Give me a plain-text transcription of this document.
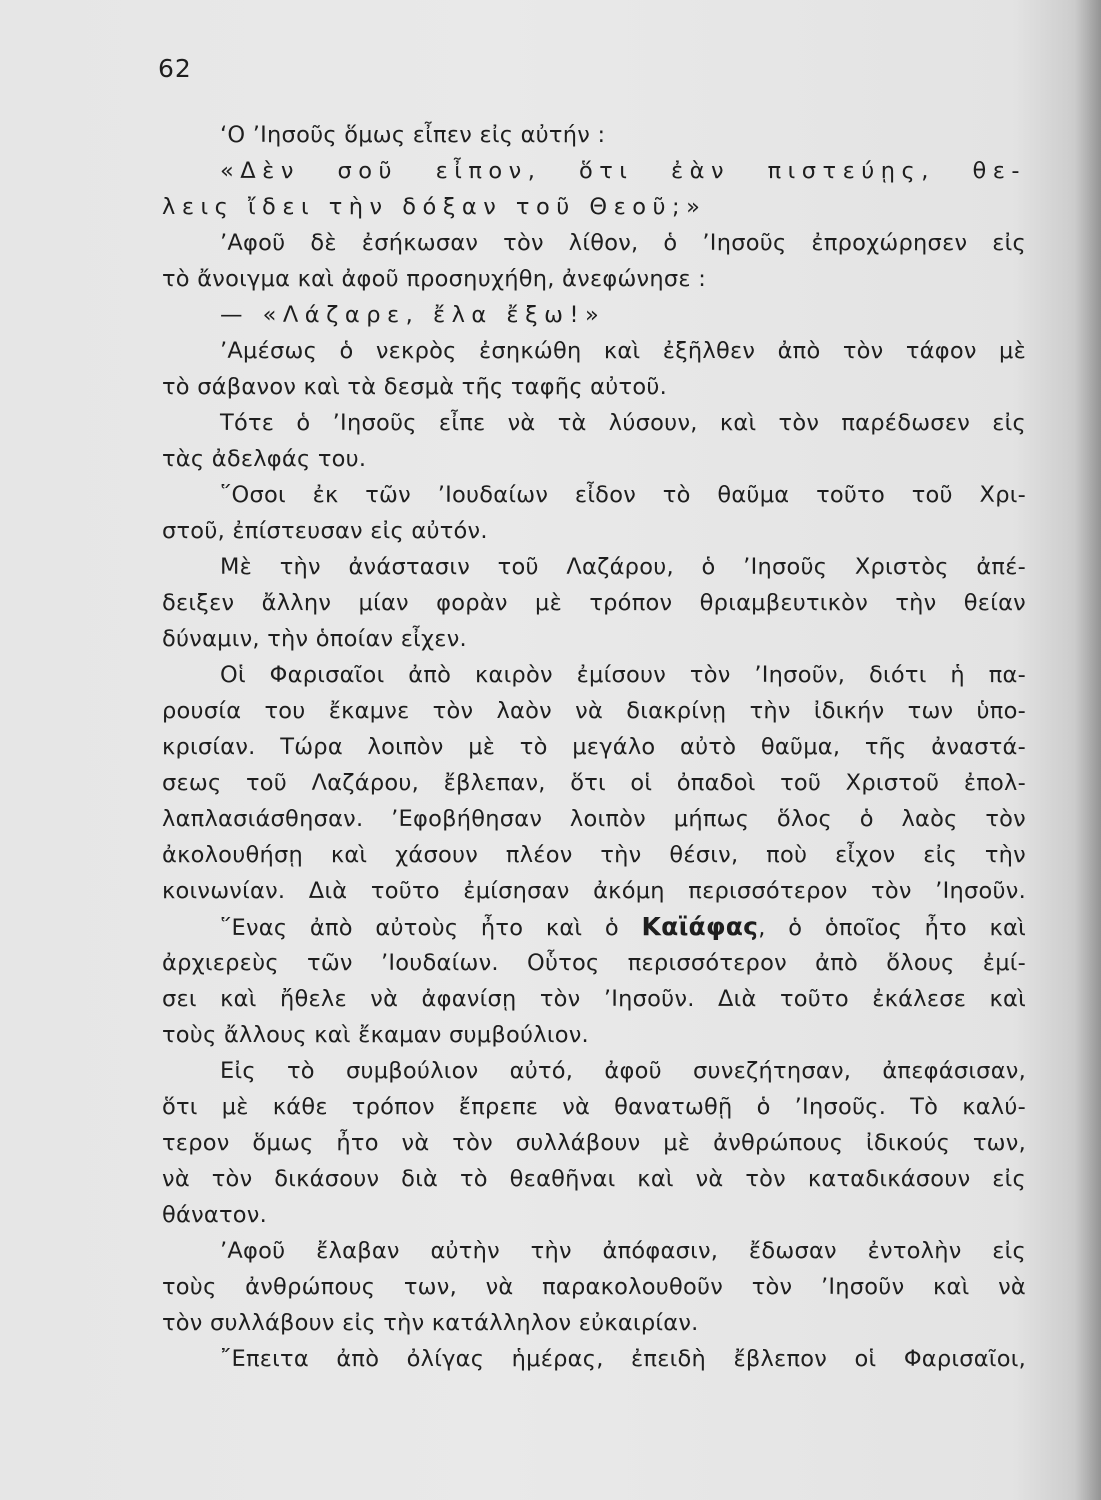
62
‘Ο ’Ιησοῦς ὅμως εἶπεν εἰς αὐτήν :
«Δὲν σοῦ εἶπον, ὅτι ἐὰν πιστεύῃς, θε-
λεις ἴδει τὴν δόξαν τοῦ Θεοῦ;»
’Αφοῦ δὲ ἐσήκωσαν τὸν λίθον, ὁ ’Ιησοῦς ἐπροχώρησεν εἰς
τὸ ἄνοιγμα καὶ ἀφοῦ προσηυχήθη, ἀνεφώνησε :
— «Λάζαρε, ἔλα ἔξω!»
’Αμέσως ὁ νεκρὸς ἐσηκώθη καὶ ἐξῆλθεν ἀπὸ τὸν τάφον μὲ
τὸ σάβανον καὶ τὰ δεσμὰ τῆς ταφῆς αὐτοῦ.
Τότε ὁ ’Ιησοῦς εἶπε νὰ τὰ λύσουν, καὶ τὸν παρέδωσεν εἰς
τὰς ἀδελφάς του.
῞Οσοι ἐκ τῶν ’Ιουδαίων εἶδον τὸ θαῦμα τοῦτο τοῦ Χρι-
στοῦ, ἐπίστευσαν εἰς αὐτόν.
Μὲ τὴν ἀνάστασιν τοῦ Λαζάρου, ὁ ’Ιησοῦς Χριστὸς ἀπέ-
δειξεν ἄλλην μίαν φορὰν μὲ τρόπον θριαμβευτικὸν τὴν θείαν
δύναμιν, τὴν ὁποίαν εἶχεν.
Οἱ Φαρισαῖοι ἀπὸ καιρὸν ἐμίσουν τὸν ’Ιησοῦν, διότι ἡ πα-
ρουσία του ἔκαμνε τὸν λαὸν νὰ διακρίνῃ τὴν ἰδικήν των ὑπο-
κρισίαν. Τώρα λοιπὸν μὲ τὸ μεγάλο αὐτὸ θαῦμα, τῆς ἀναστά-
σεως τοῦ Λαζάρου, ἔβλεπαν, ὅτι οἱ ὀπαδοὶ τοῦ Χριστοῦ ἐπολ-
λαπλασιάσθησαν. ’Εφοβήθησαν λοιπὸν μήπως ὅλος ὁ λαὸς τὸν
ἀκολουθήσῃ καὶ χάσουν πλέον τὴν θέσιν, ποὺ εἶχον εἰς τὴν
κοινωνίαν. Διὰ τοῦτο ἐμίσησαν ἀκόμη περισσότερον τὸν ’Ιησοῦν.
῞Ενας ἀπὸ αὐτοὺς ἦτο καὶ ὁ Καϊάφας, ὁ ὁποῖος ἦτο καὶ
ἀρχιερεὺς τῶν ’Ιουδαίων. Οὗτος περισσότερον ἀπὸ ὅλους ἐμί-
σει καὶ ἤθελε νὰ ἀφανίσῃ τὸν ’Ιησοῦν. Διὰ τοῦτο ἐκάλεσε καὶ
τοὺς ἄλλους καὶ ἔκαμαν συμβούλιον.
Εἰς τὸ συμβούλιον αὐτό, ἀφοῦ συνεζήτησαν, ἀπεφάσισαν,
ὅτι μὲ κάθε τρόπον ἔπρεπε νὰ θανατωθῇ ὁ ’Ιησοῦς. Τὸ καλύ-
τερον ὅμως ἦτο νὰ τὸν συλλάβουν μὲ ἀνθρώπους ἰδικούς των,
νὰ τὸν δικάσουν διὰ τὸ θεαθῆναι καὶ νὰ τὸν καταδικάσουν εἰς
θάνατον.
’Αφοῦ ἔλαβαν αὐτὴν τὴν ἀπόφασιν, ἔδωσαν ἐντολὴν εἰς
τοὺς ἀνθρώπους των, νὰ παρακολουθοῦν τὸν ’Ιησοῦν καὶ νὰ
τὸν συλλάβουν εἰς τὴν κατάλληλον εὐκαιρίαν.
῎Επειτα ἀπὸ ὀλίγας ἡμέρας, ἐπειδὴ ἔβλεπον οἱ Φαρισαῖοι,
